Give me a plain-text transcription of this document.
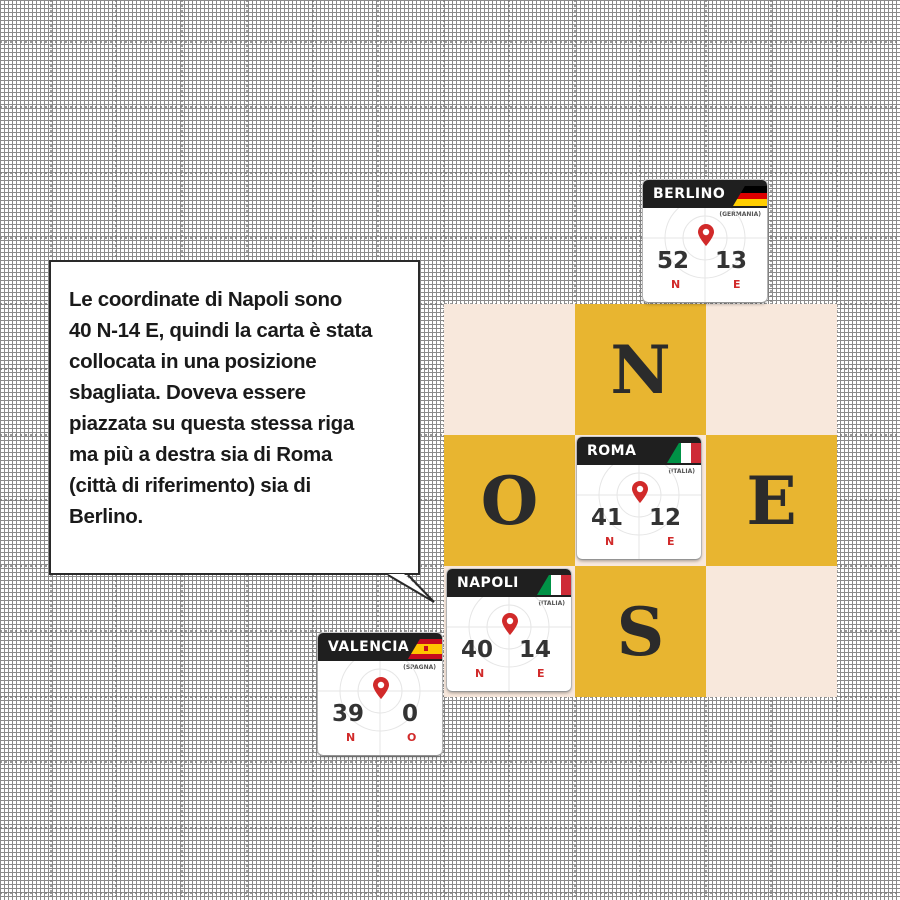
N
O	E
S
BERLINO
(GERMANIA)
52 13
N	E
ROMA
(ITALIA)
41 12
N	E
NAPOLI
(ITALIA)
40 14
N	E
VALENCIA
(SPAGNA)
39 0
N	O
Le coordinate di Napoli sono
40 N-14 E, quindi la carta è stata
collocata in una posizione
sbagliata. Doveva essere
piazzata su questa stessa riga
ma più a destra sia di Roma
(città di riferimento) sia di
Berlino.
